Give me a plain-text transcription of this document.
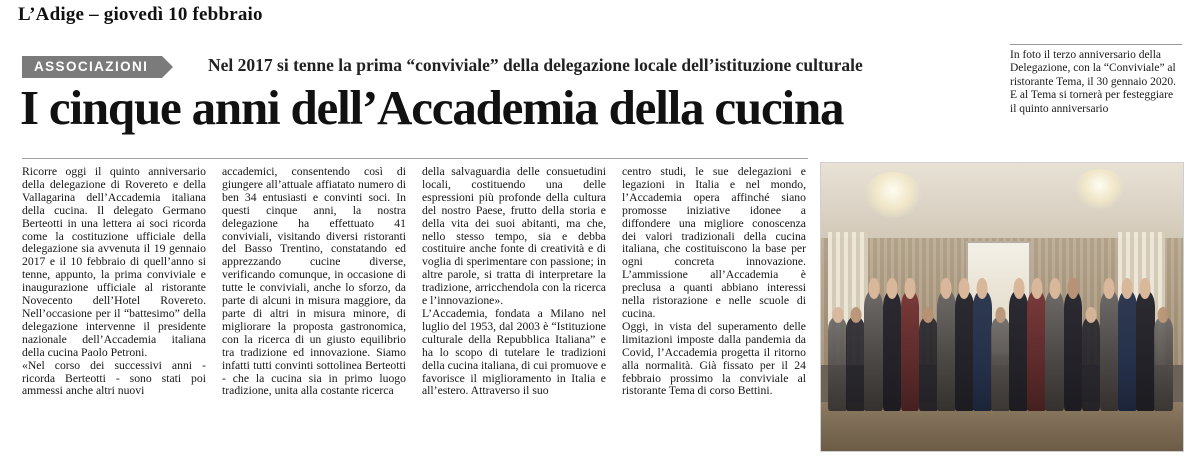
L’Adige – giovedì 10 febbraio
ASSOCIAZIONI	Nel 2017 si tenne la prima “conviviale” della delegazione locale dell’istituzione culturale
I cinque anni dell’Accademia della cucina
In foto il terzo anniversario della Delegazione, con la “Conviviale” al ristorante Tema, il 30 gennaio 2020. E al Tema si tornerà per festeggiare il quinto anniversario

Ricorre oggi il quinto anniversario della delegazione di Rovereto e della Vallagarina dell’Accademia italiana della cucina. Il delegato Germano Berteotti in una lettera ai soci ricorda come la costituzione ufficiale della delegazione sia avvenuta il 19 gennaio 2017 e il 10 febbraio di quell’anno si tenne, appunto, la prima conviviale e inaugurazione ufficiale al ristorante Novecento dell’Hotel Rovereto. Nell’occasione per il “battesimo” della delegazione intervenne il presidente nazionale dell’Accademia italiana della cucina Paolo Petroni.

«Nel corso dei successivi anni - ricorda Berteotti - sono stati poi ammessi anche altri nuovi

accademici, consentendo così di giungere all’attuale affiatato numero di ben 34 entusiasti e convinti soci. In questi cinque anni, la nostra delegazione ha effettuato 41 conviviali, visitando diversi ristoranti del Basso Trentino, constatando ed apprezzando cucine diverse, verificando comunque, in occasione di tutte le conviviali, anche lo sforzo, da parte di alcuni in misura maggiore, da parte di altri in misura minore, di migliorare la proposta gastronomica, con la ricerca di un giusto equilibrio tra tradizione ed innovazione. Siamo infatti tutti convinti sottolinea Berteotti - che la cucina sia in primo luogo tradizione, unita alla costante ricerca

della salvaguardia delle consuetudini locali, costituendo una delle espressioni più profonde della cultura del nostro Paese, frutto della storia e della vita dei suoi abitanti, ma che, nello stesso tempo, sia e debba costituire anche fonte di creatività e di voglia di sperimentare con passione; in altre parole, si tratta di interpretare la tradizione, arricchendola con la ricerca e l’innovazione».

L’Accademia, fondata a Milano nel luglio del 1953, dal 2003 è “Istituzione culturale della Repubblica Italiana” e ha lo scopo di tutelare le tradizioni della cucina italiana, di cui promuove e favorisce il miglioramento in Italia e all’estero. Attraverso il suo

centro studi, le sue delegazioni e legazioni in Italia e nel mondo, l’Accademia opera affinché siano promosse iniziative idonee a diffondere una migliore conoscenza dei valori tradizionali della cucina italiana, che costituiscono la base per ogni concreta innovazione. L’ammissione all’Accademia è preclusa a quanti abbiano interessi nella ristorazione e nelle scuole di cucina.

Oggi, in vista del superamento delle limitazioni imposte dalla pandemia da Covid, l’Accademia progetta il ritorno alla normalità. Già fissato per il 24 febbraio prossimo la conviviale al ristorante Tema di corso Bettini.
